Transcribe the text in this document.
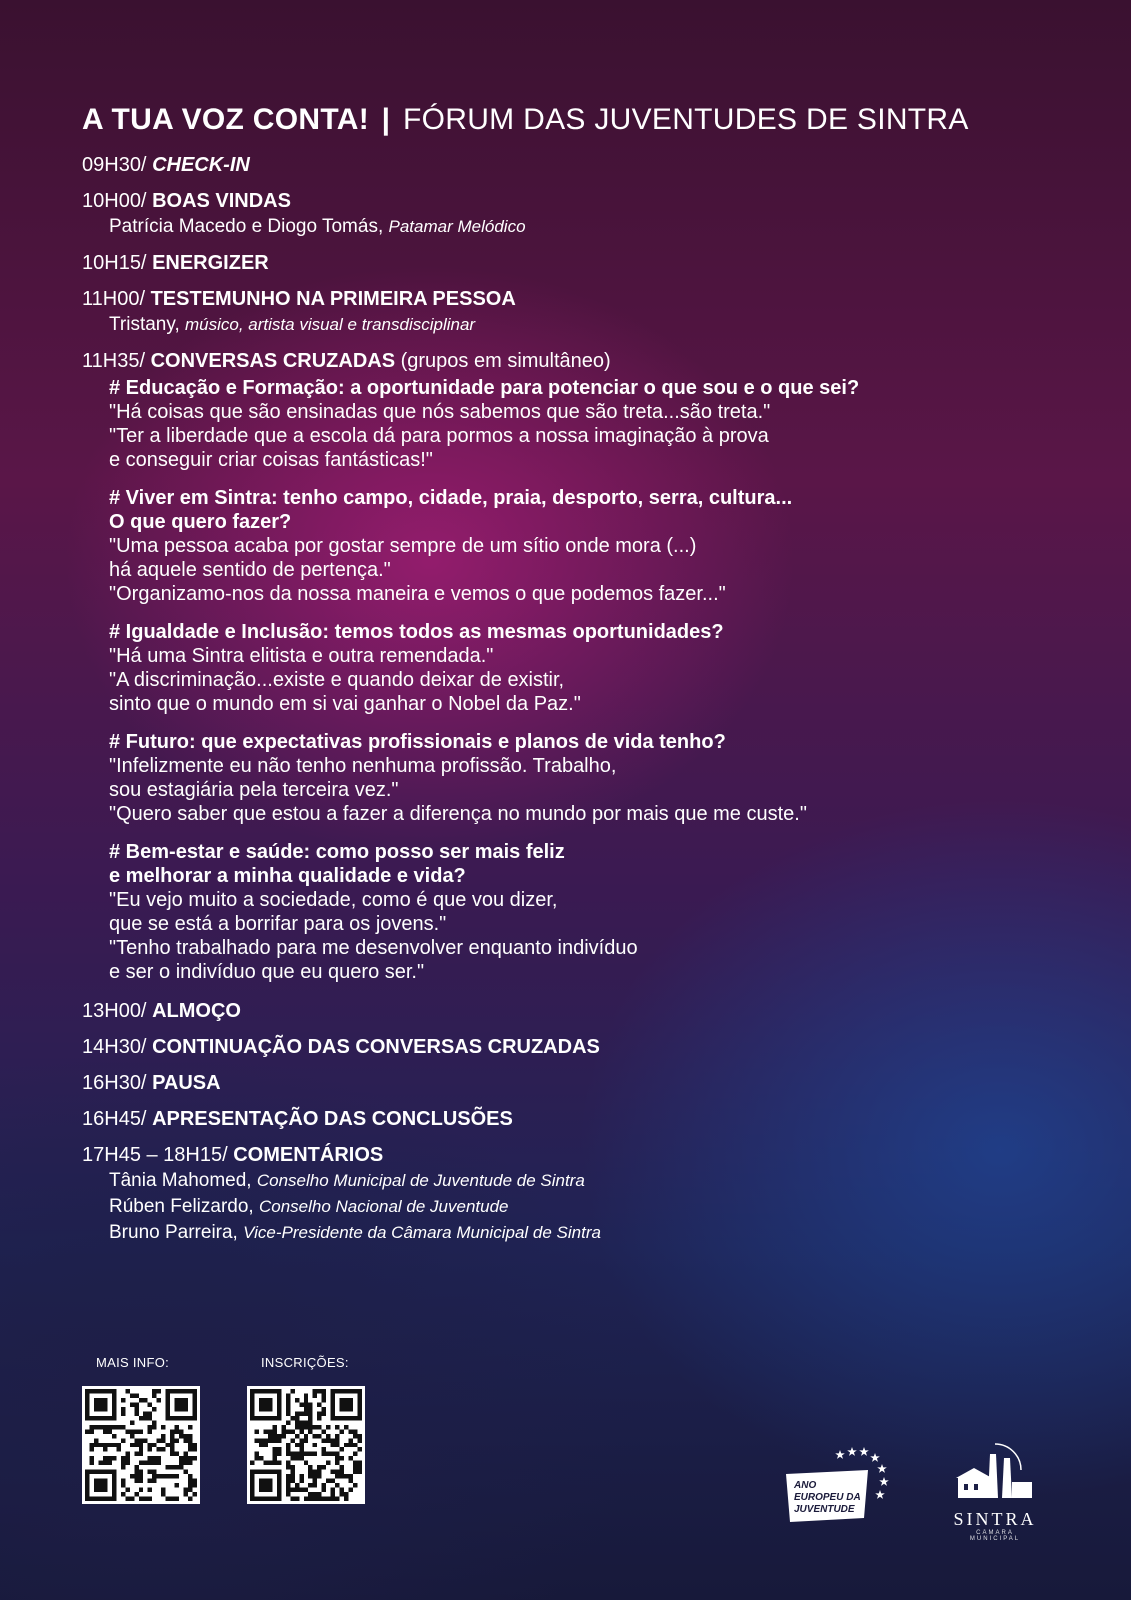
A TUA VOZ CONTA! | FÓRUM DAS JUVENTUDES DE SINTRA
09H30/ CHECK-IN
10H00/ BOAS VINDAS
Patrícia Macedo e Diogo Tomás, Patamar Melódico
10H15/ ENERGIZER
11H00/ TESTEMUNHO NA PRIMEIRA PESSOA
Tristany, músico, artista visual e transdisciplinar
11H35/ CONVERSAS CRUZADAS (grupos em simultâneo)
# Educação e Formação: a oportunidade para potenciar o que sou e o que sei?
"Há coisas que são ensinadas que nós sabemos que são treta...são treta."
"Ter a liberdade que a escola dá para pormos a nossa imaginação à prova
e conseguir criar coisas fantásticas!"
# Viver em Sintra: tenho campo, cidade, praia, desporto, serra, cultura...
O que quero fazer?
"Uma pessoa acaba por gostar sempre de um sítio onde mora (...)
há aquele sentido de pertença."
"Organizamo-nos da nossa maneira e vemos o que podemos fazer..."
# Igualdade e Inclusão: temos todos as mesmas oportunidades?
"Há uma Sintra elitista e outra remendada."
"A discriminação...existe e quando deixar de existir,
sinto que o mundo em si vai ganhar o Nobel da Paz."
# Futuro: que expectativas profissionais e planos de vida tenho?
"Infelizmente eu não tenho nenhuma profissão. Trabalho,
sou estagiária pela terceira vez."
"Quero saber que estou a fazer a diferença no mundo por mais que me custe."
# Bem-estar e saúde: como posso ser mais feliz
e melhorar a minha qualidade e vida?
"Eu vejo muito a sociedade, como é que vou dizer,
que se está a borrifar para os jovens."
"Tenho trabalhado para me desenvolver enquanto indivíduo
e ser o indivíduo que eu quero ser."
13H00/ ALMOÇO
14H30/ CONTINUAÇÃO DAS CONVERSAS CRUZADAS
16H30/ PAUSA
16H45/ APRESENTAÇÃO DAS CONCLUSÕES
17H45 – 18H15/ COMENTÁRIOS
Tânia Mahomed, Conselho Municipal de Juventude de Sintra
Rúben Felizardo, Conselho Nacional de Juventude
Bruno Parreira, Vice-Presidente da Câmara Municipal de Sintra
MAIS INFO:	INSCRIÇÕES:
ANO
EUROPEU DA
JUVENTUDE	SINTRA
CÂMARA MUNICIPAL
